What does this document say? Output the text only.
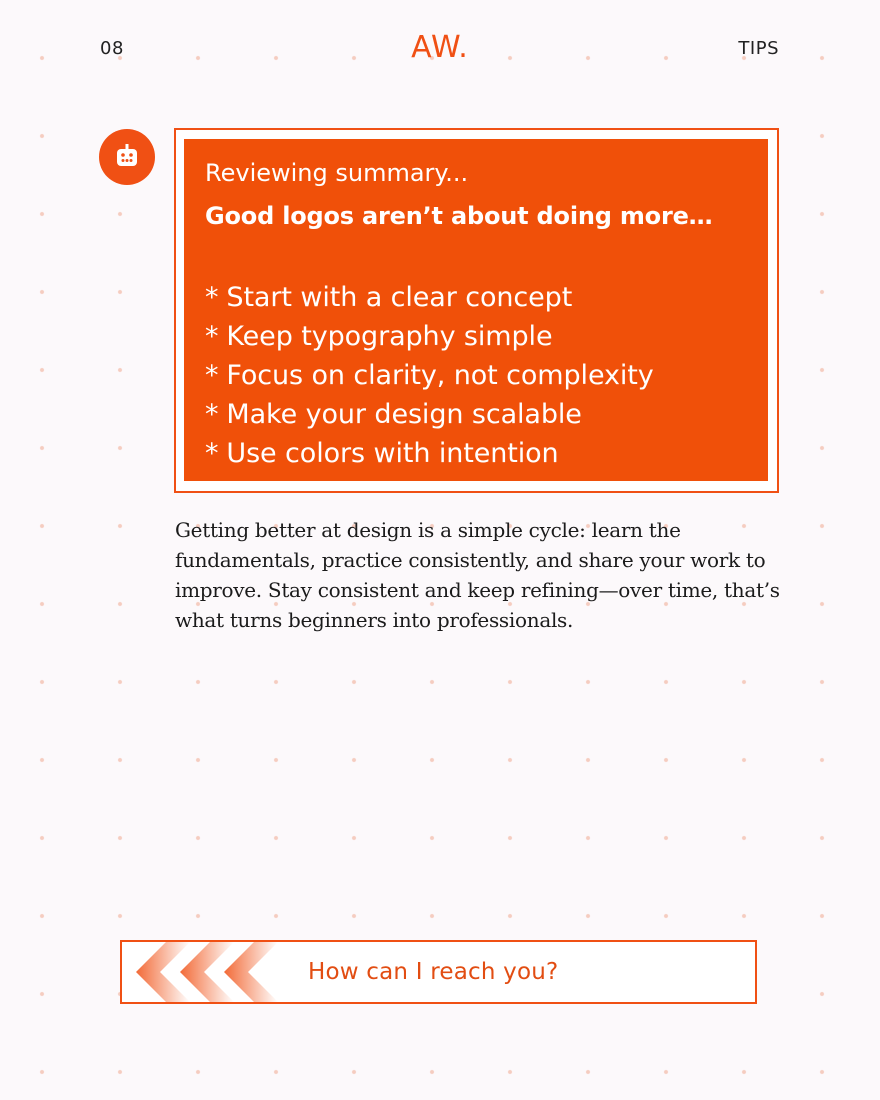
08	AW.	TIPS
Reviewing summary...
Good logos aren’t about doing more…
* Start with a clear concept
* Keep typography simple
* Focus on clarity, not complexity
* Make your design scalable
* Use colors with intention
Getting better at design is a simple cycle: learn the fundamentals, practice consistently, and share your work to improve. Stay consistent and keep refining—over time, that’s what turns beginners into professionals.
How can I reach you?
